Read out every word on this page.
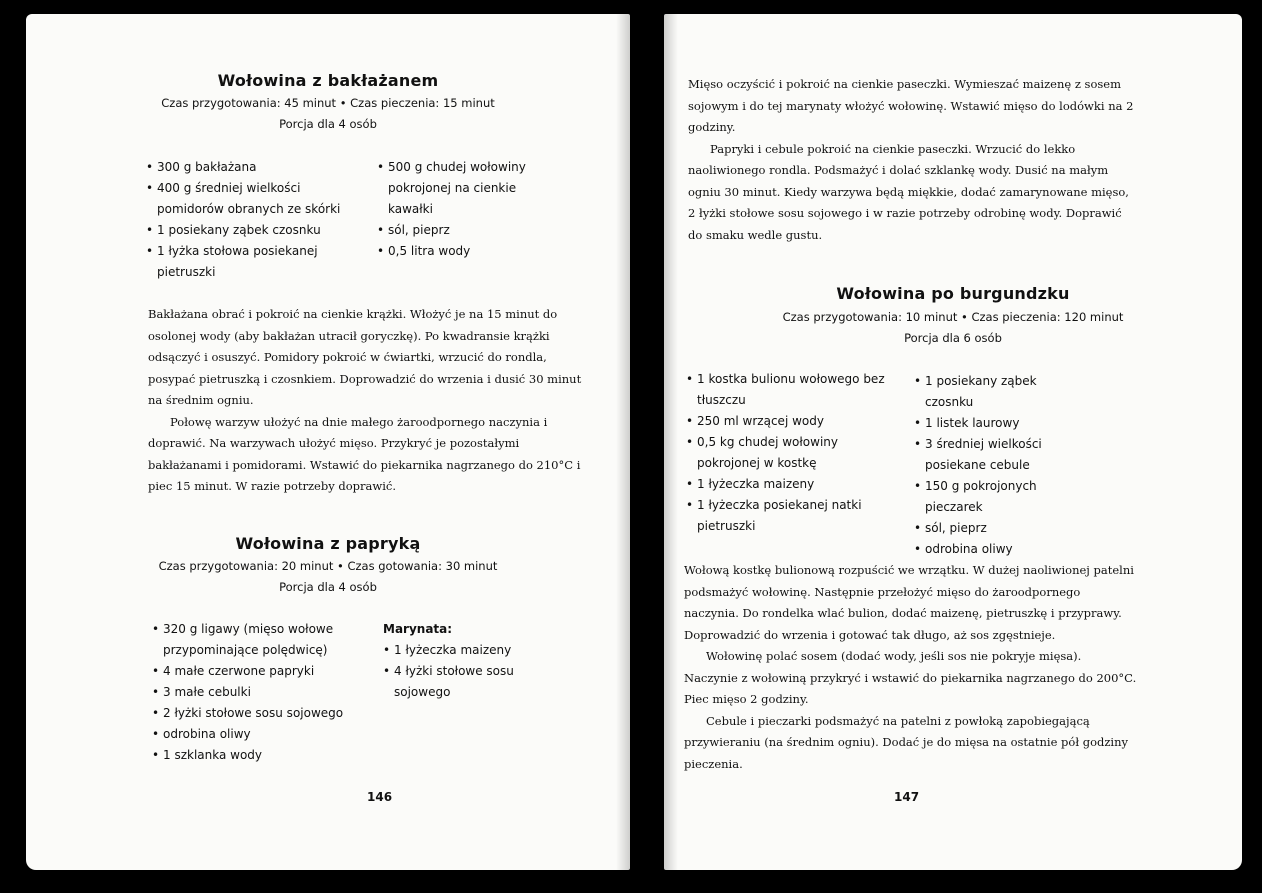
Wołowina z bakłażanem
Czas przygotowania: 45 minut • Czas pieczenia: 15 minut
Porcja dla 4 osób
• 300 g bakłażana
• 400 g średniej wielkości pomidorów obranych ze skórki
• 1 posiekany ząbek czosnku
• 1 łyżka stołowa posiekanej pietruszki
• 500 g chudej wołowiny pokrojonej na cienkie kawałki
• sól, pieprz
• 0,5 litra wody

Bakłażana obrać i pokroić na cienkie krążki. Włożyć je na 15 minut do osolonej wody (aby bakłażan utracił goryczkę). Po kwadransie krążki odsączyć i osuszyć. Pomidory pokroić w ćwiartki, wrzucić do rondla, posypać pietruszką i czosnkiem. Doprowadzić do wrzenia i dusić 30 minut na średnim ogniu.

Połowę warzyw ułożyć na dnie małego żaroodpornego naczynia i doprawić. Na warzywach ułożyć mięso. Przykryć je pozostałymi bakłażanami i pomidorami. Wstawić do piekarnika nagrzanego do 210°C i piec 15 minut. W razie potrzeby doprawić.

Wołowina z papryką
Czas przygotowania: 20 minut • Czas gotowania: 30 minut
Porcja dla 4 osób
• 320 g ligawy (mięso wołowe przypominające polędwicę)
• 4 małe czerwone papryki
• 3 małe cebulki
• 2 łyżki stołowe sosu sojowego
• odrobina oliwy
• 1 szklanka wody
Marynata:
• 1 łyżeczka maizeny
• 4 łyżki stołowe sosu sojowego
146

Mięso oczyścić i pokroić na cienkie paseczki. Wymieszać maizenę z sosem sojowym i do tej marynaty włożyć wołowinę. Wstawić mięso do lodówki na 2 godziny.

Papryki i cebule pokroić na cienkie paseczki. Wrzucić do lekko naoliwionego rondla. Podsmażyć i dolać szklankę wody. Dusić na małym ogniu 30 minut. Kiedy warzywa będą miękkie, dodać zamarynowane mięso, 2 łyżki stołowe sosu sojowego i w razie potrzeby odrobinę wody. Doprawić do smaku wedle gustu.

Wołowina po burgundzku
Czas przygotowania: 10 minut • Czas pieczenia: 120 minut
Porcja dla 6 osób
• 1 kostka bulionu wołowego bez tłuszczu
• 250 ml wrzącej wody
• 0,5 kg chudej wołowiny pokrojonej w kostkę
• 1 łyżeczka maizeny
• 1 łyżeczka posiekanej natki pietruszki
• 1 posiekany ząbek czosnku
• 1 listek laurowy
• 3 średniej wielkości posiekane cebule
• 150 g pokrojonych pieczarek
• sól, pieprz
• odrobina oliwy

Wołową kostkę bulionową rozpuścić we wrzątku. W dużej naoliwionej patelni podsmażyć wołowinę. Następnie przełożyć mięso do żaroodpornego naczynia. Do rondelka wlać bulion, dodać maizenę, pietruszkę i przyprawy. Doprowadzić do wrzenia i gotować tak długo, aż sos zgęstnieje.

Wołowinę polać sosem (dodać wody, jeśli sos nie pokryje mięsa). Naczynie z wołowiną przykryć i wstawić do piekarnika nagrzanego do 200°C. Piec mięso 2 godziny.

Cebule i pieczarki podsmażyć na patelni z powłoką zapobiegającą przywieraniu (na średnim ogniu). Dodać je do mięsa na ostatnie pół godziny pieczenia.

147
